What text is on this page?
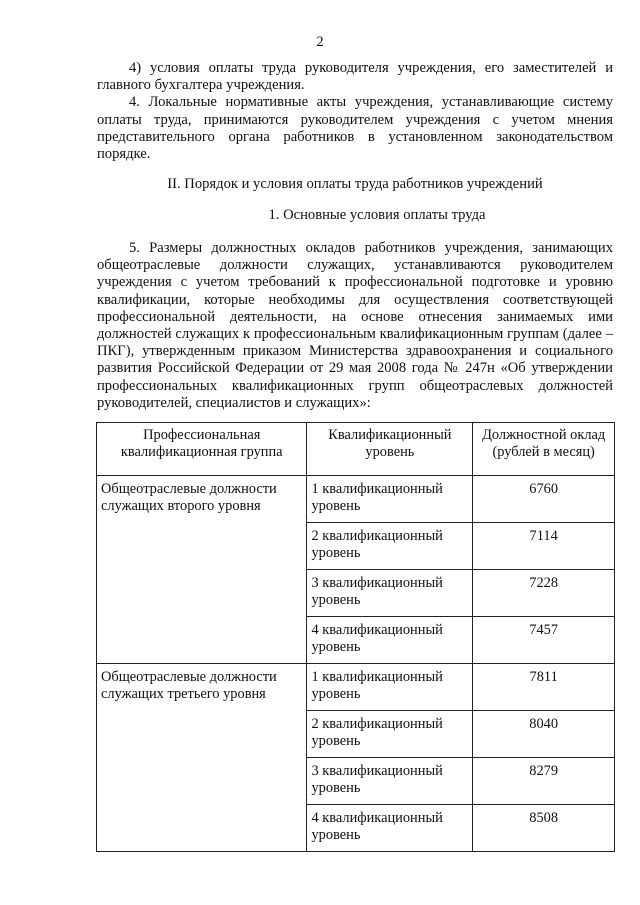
2

4) условия оплаты труда руководителя учреждения, его заместителей и главного бухгалтера учреждения.

4. Локальные нормативные акты учреждения, устанавливающие систему оплаты труда, принимаются руководителем учреждения с учетом мнения представительного органа работников в установленном законодательством порядке.

II. Порядок и условия оплаты труда работников учреждений
1. Основные условия оплаты труда

5. Размеры должностных окладов работников учреждения, занимающих общеотраслевые должности служащих, устанавливаются руководителем учреждения с учетом требований к профессиональной подготовке и уровню квалификации, которые необходимы для осуществления соответствующей профессиональной деятельности, на основе отнесения занимаемых ими должностей служащих к профессиональным квалификационным группам (далее – ПКГ), утвержденным приказом Министерства здравоохранения и социального развития Российской Федерации от 29 мая 2008 года № 247н «Об утверждении профессиональных квалификационных групп общеотраслевых должностей руководителей, специалистов и служащих»:

Профессиональная квалификационная группа	Квалификационный уровень	Должностной оклад (рублей в месяц)
Общеотраслевые должности служащих второго уровня	1 квалификационный уровень	6760
	2 квалификационный уровень	7114
	3 квалификационный уровень	7228
	4 квалификационный уровень	7457
Общеотраслевые должности служащих третьего уровня	1 квалификационный уровень	7811
	2 квалификационный уровень	8040
	3 квалификационный уровень	8279
	4 квалификационный уровень	8508
